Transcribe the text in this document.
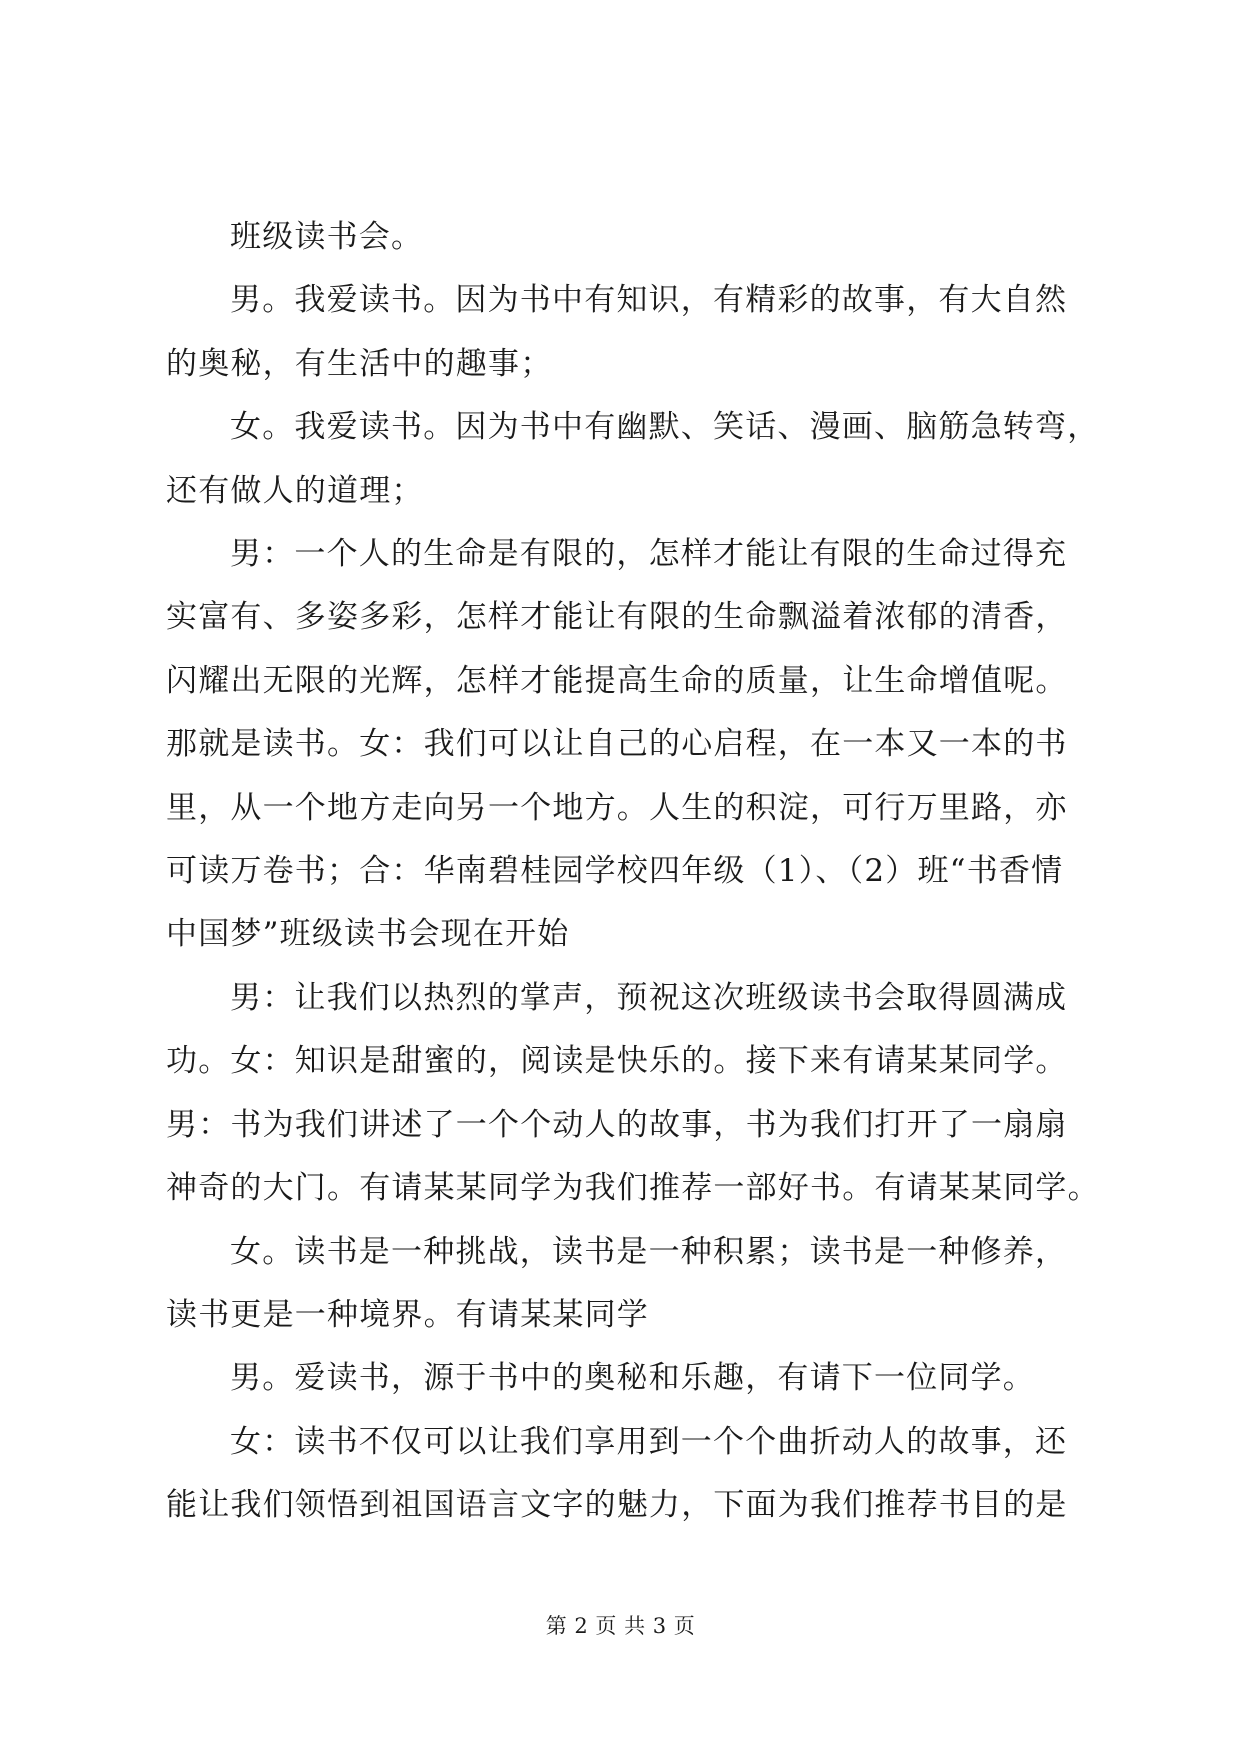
班级读书会。

男。我爱读书。因为书中有知识，有精彩的故事，有大自然
的奥秘，有生活中的趣事；

女。我爱读书。因为书中有幽默、笑话、漫画、脑筋急转弯，
还有做人的道理；

男：一个人的生命是有限的，怎样才能让有限的生命过得充
实富有、多姿多彩，怎样才能让有限的生命飘溢着浓郁的清香，
闪耀出无限的光辉，怎样才能提高生命的质量，让生命增值呢。
那就是读书。女：我们可以让自己的心启程，在一本又一本的书
里，从一个地方走向另一个地方。人生的积淀，可行万里路，亦
可读万卷书；合：华南碧桂园学校四年级（1）、（2）班“书香情
中国梦”班级读书会现在开始

男：让我们以热烈的掌声，预祝这次班级读书会取得圆满成
功。女：知识是甜蜜的，阅读是快乐的。接下来有请某某同学。
男：书为我们讲述了一个个动人的故事，书为我们打开了一扇扇
神奇的大门。有请某某同学为我们推荐一部好书。有请某某同学。

女。读书是一种挑战，读书是一种积累；读书是一种修养，
读书更是一种境界。有请某某同学

男。爱读书，源于书中的奥秘和乐趣，有请下一位同学。

女：读书不仅可以让我们享用到一个个曲折动人的故事，还
能让我们领悟到祖国语言文字的魅力，下面为我们推荐书目的是

第 2 页 共 3 页
